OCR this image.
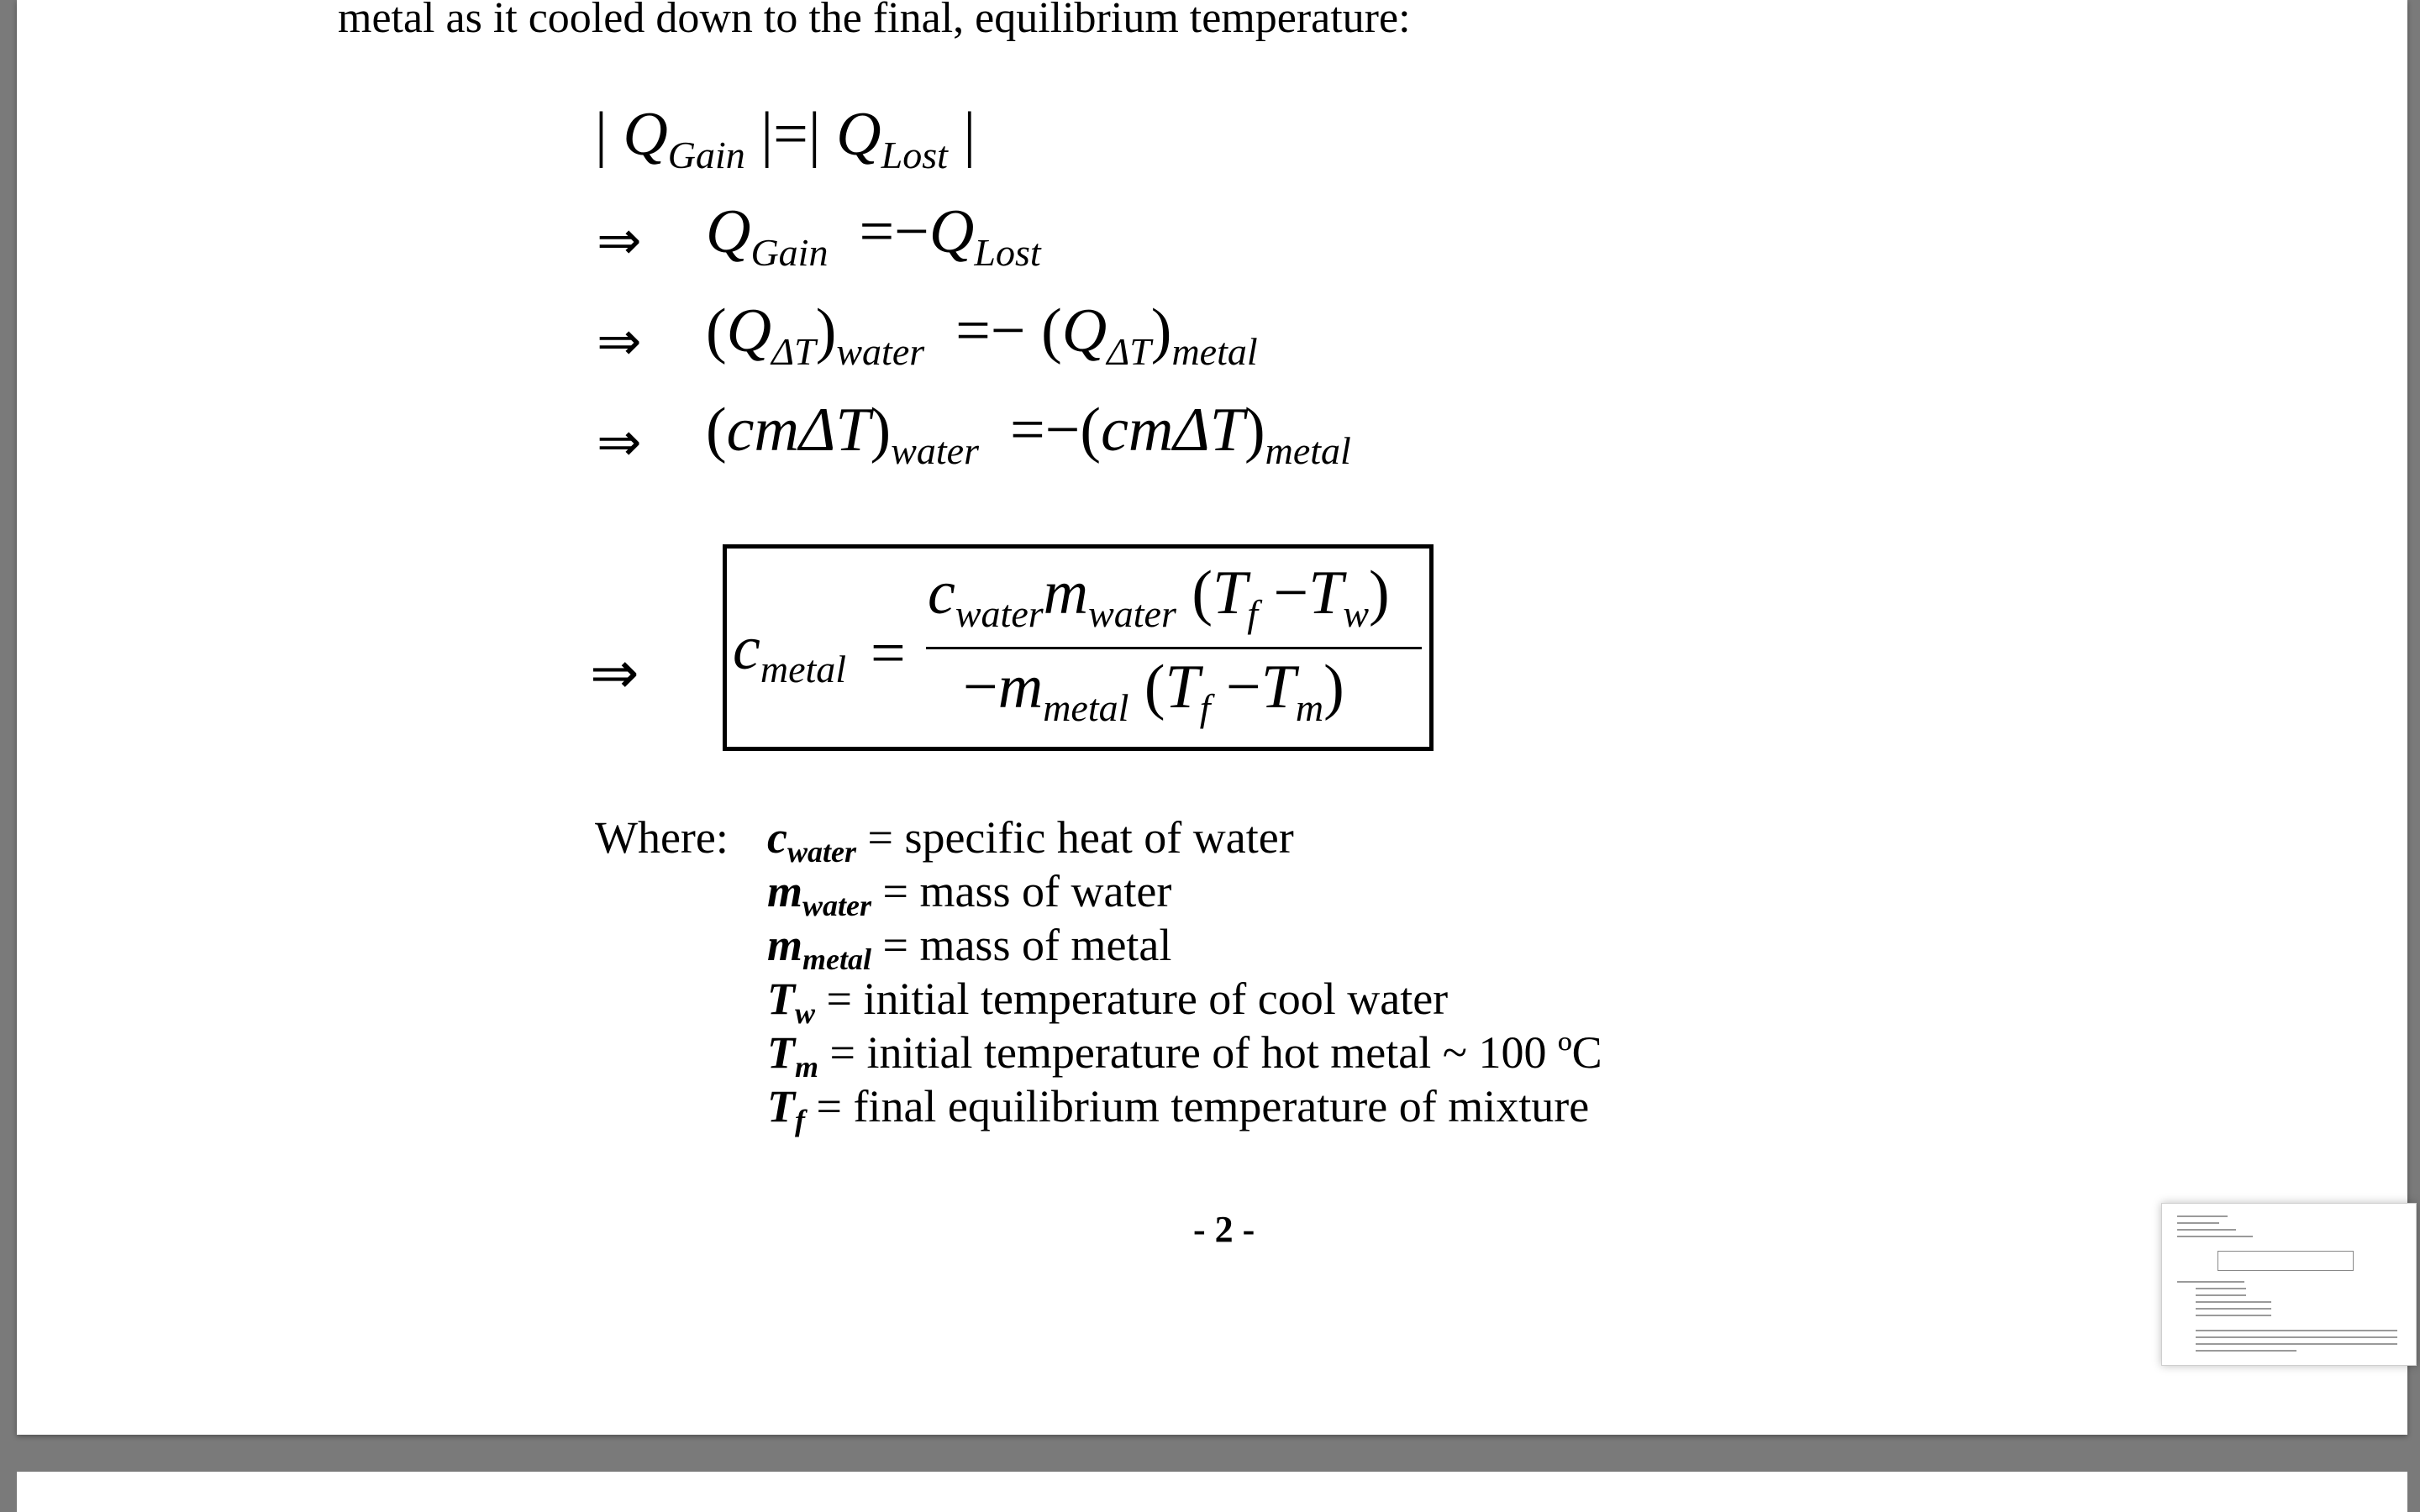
metal as it cooled down to the final, equilibrium temperature:
| $Q_{Gain}$ |=| $Q_{Lost}$ |
⇒ $Q_{Gain} =-Q_{Lost}$
⇒ $(Q_{\Delta T})_{water} =- (Q_{\Delta T})_{metal}$
⇒ $(cm\Delta T)_{water} =-(cm\Delta T)_{metal}$
⇒ $c_{metal}$ =
$c_{water}m_{water}$ $(T_f -T_w)$
$-m_{metal}$ $(T_f -T_m)$
Where: $c_{water}$ = specific heat of water
$m_{water}$ = mass of water
$m_{metal}$ = mass of metal
$T_w$ = initial temperature of cool water
$T_m$ = initial temperature of hot metal ~ 100 ºC
$T_f$ = final equilibrium temperature of mixture
- 2 -
